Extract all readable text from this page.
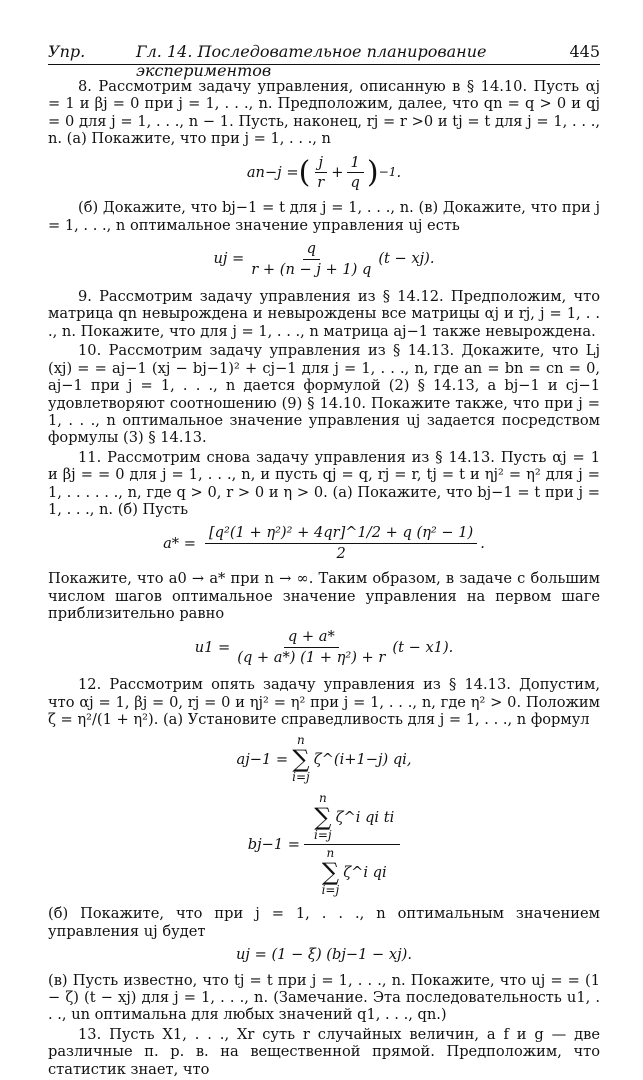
Упр.	Гл. 14. Последовательное планирование экспериментов
445

8. Рассмотрим задачу управления, описанную в § 14.10. Пусть αj = 1 и βj = 0 при j = 1, . . ., n. Предположим, далее, что qn = q > 0 и qj = 0 для j = 1, . . ., n − 1. Пусть, наконец, rj = r >0 и tj = t для j = 1, . . ., n. (а) Покажите, что при j = 1, . . ., n

an−j = ( $\frac{j}{r} + \frac{1}{q}$ ) −1 .

(б) Докажите, что bj−1 = t для j = 1, . . ., n. (в) Докажите, что при j = 1, . . ., n оптимальное значение управления uj есть

uj = $\frac{q}{r + (n - j + 1) q} (t - xj)$.

9. Рассмотрим задачу управления из § 14.12. Предположим, что матрица qn невырождена и невырождены все матрицы αj и rj, j = 1, . . ., n. Покажите, что для j = 1, . . ., n матрица aj−1 также невырождена.

10. Рассмотрим задачу управления из § 14.13. Докажите, что Lj (xj) = = aj−1 (xj − bj−1)² + cj−1 для j = 1, . . ., n, где an = bn = cn = 0, aj−1 при j = 1, . . ., n дается формулой (2) § 14.13, а bj−1 и cj−1 удовлетворяют соотношению (9) § 14.10. Покажите также, что при j = 1, . . ., n оптимальное значение управления uj задается посредством формулы (3) § 14.13.

11. Рассмотрим снова задачу управления из § 14.13. Пусть αj = 1 и βj = = 0 для j = 1, . . ., n, и пусть qj = q, rj = r, tj = t и ηj² = η² для j = 1, . . . . . ., n, где q > 0, r > 0 и η > 0. (а) Покажите, что bj−1 = t при j = 1, . . ., n. (б) Пусть

$a* = \frac{\text{[q²(1 + η²)² + 4qr]\textasciicircum{}1/2 + q (η² − 1)}}{2}$ .

Покажите, что a0 → a* при n → ∞. Таким образом, в задаче с большим числом шагов оптимальное значение управления на первом шаге приблизительно равно

$u1 = \frac{q + a*}{\text{(q + a*) (1 + η²) + r}} (t - x1)$.

12. Рассмотрим опять задачу управления из § 14.13. Допустим, что αj = 1, βj = 0, rj = 0 и ηj² = η² при j = 1, . . ., n, где η² > 0. Положим ζ = η²/(1 + η²). (а) Установите справедливость для j = 1, . . ., n формул

aj−1 =
n
∑
i=j
ζ^(i+1−j) qi,
bj−1 =
n
∑
i=j
ζ^i qi ti
n
∑
i=j
ζ^i qi

(б) Покажите, что при j = 1, . . ., n оптимальным значением управления uj будет

uj = (1 − ξ) (bj−1 − xj).

(в) Пусть известно, что tj = t при j = 1, . . ., n. Покажите, что uj = = (1 − ζ) (t − xj) для j = 1, . . ., n. (Замечание. Эта последовательность u1, . . ., un оптимальна для любых значений q1, . . ., qn.)

13. Пусть X1, . . ., Xr суть r случайных величин, а f и g — две различные п. р. в. на вещественной прямой. Предположим, что статистик знает, что
